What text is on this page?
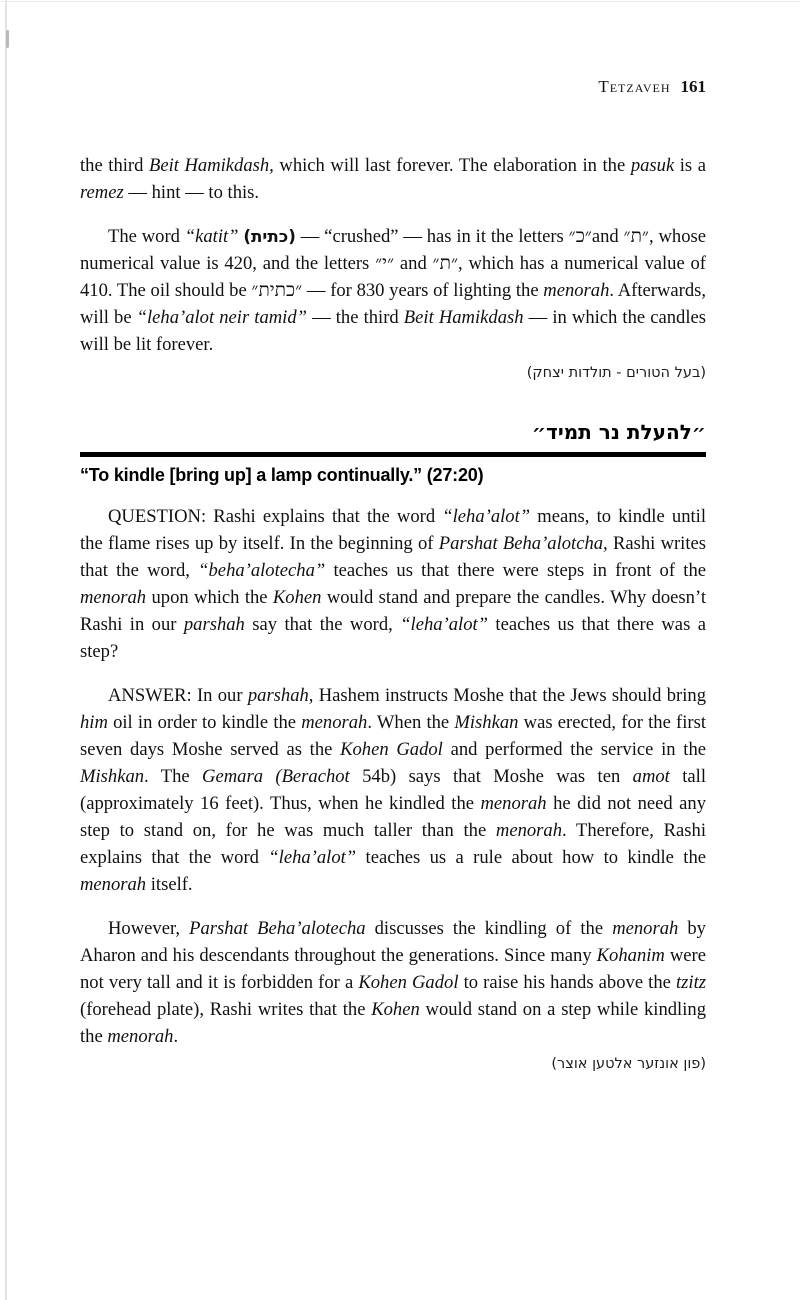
Tetzaveh 161

the third Beit Hamikdash, which will last forever. The elaboration in the pasuk is a remez — hint — to this.

The word “katit” (כתית) — “crushed” — has in it the letters ״כ״and ״ת״, whose numerical value is 420, and the letters ״י״ and ״ת״, which has a numerical value of 410. The oil should be ״כתית״ — for 830 years of lighting the menorah. Afterwards, will be “leha’alot neir tamid” — the third Beit Hamikdash — in which the candles will be lit forever.

(בעל הטורים - תולדות יצחק)

״להעלת נר תמיד״
“To kindle [bring up] a lamp continually.” (27:20)

QUESTION: Rashi explains that the word “leha’alot” means, to kindle until the flame rises up by itself. In the beginning of Parshat Beha’alotcha, Rashi writes that the word, “beha’alotecha” teaches us that there were steps in front of the menorah upon which the Kohen would stand and prepare the candles. Why doesn’t Rashi in our parshah say that the word, “leha’alot” teaches us that there was a step?

ANSWER: In our parshah, Hashem instructs Moshe that the Jews should bring him oil in order to kindle the menorah. When the Mishkan was erected, for the first seven days Moshe served as the Kohen Gadol and performed the service in the Mishkan. The Gemara (Berachot 54b) says that Moshe was ten amot tall (approximately 16 feet). Thus, when he kindled the menorah he did not need any step to stand on, for he was much taller than the menorah. Therefore, Rashi explains that the word “leha’alot” teaches us a rule about how to kindle the menorah itself.

However, Parshat Beha’alotecha discusses the kindling of the menorah by Aharon and his descendants throughout the generations. Since many Kohanim were not very tall and it is forbidden for a Kohen Gadol to raise his hands above the tzitz (forehead plate), Rashi writes that the Kohen would stand on a step while kindling the menorah.

(פון אונזער אלטען אוצר)
